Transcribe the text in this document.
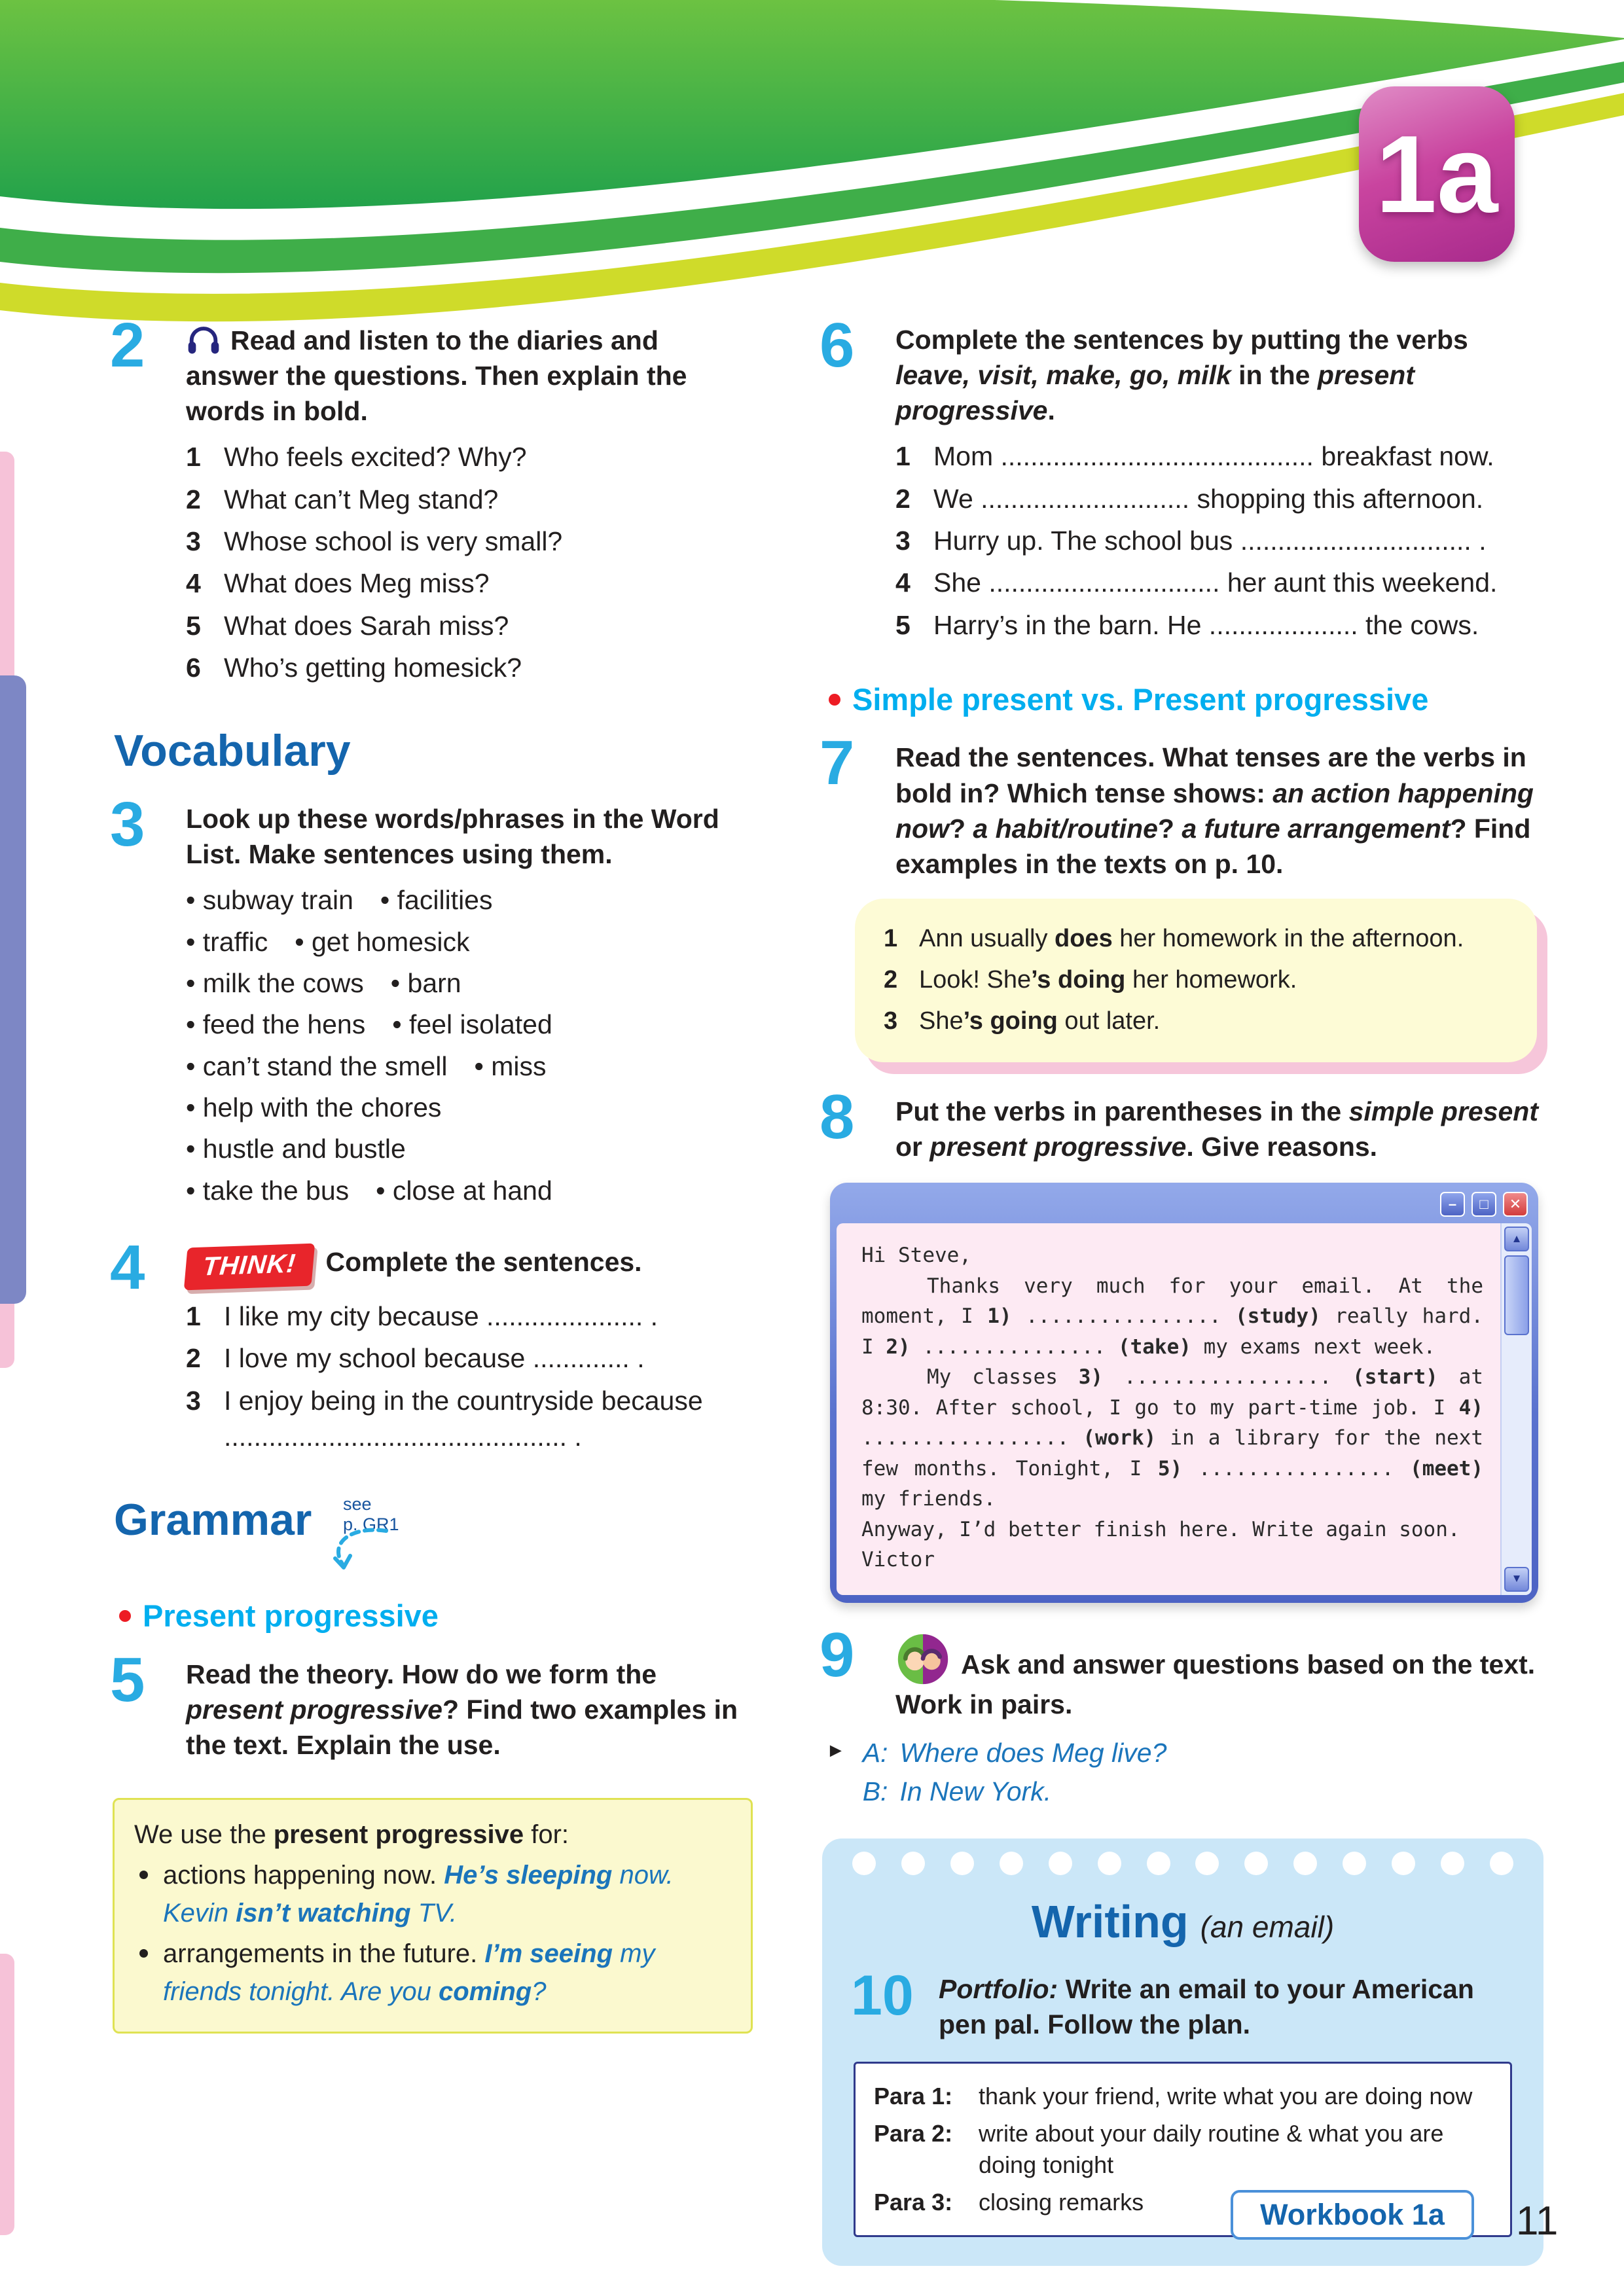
1a
2	Read and listen to the diaries and answer the questions. Then explain the words in bold.

1 Who feels excited? Why?
2 What can’t Meg stand?
3 Whose school is very small?
4 What does Meg miss?
5 What does Sarah miss?
6 Who’s getting homesick?
Vocabulary
3 Look up these words/phrases in the Word List. Make sentences using them.

• subway train • facilities
• traffic • get homesick
• milk the cows • barn
• feed the hens • feel isolated
• can’t stand the smell • miss
• help with the chores
• hustle and bustle
• take the bus • close at hand
4	THINK! Complete the sentences.

1 I like my city because ..................... .
2 I love my school because ............. .
3 I enjoy being in the countryside because .............................................. .
Grammar see
p. GR1
Present progressive
5 Read the theory. How do we form the present progressive? Find two examples in the text. Explain the use.

We use the present progressive for:
actions happening now. He’s sleeping now. Kevin isn’t watching TV.
arrangements in the future. I’m seeing my friends tonight. Are you coming?
6 Complete the sentences by putting the verbs leave, visit, make, go, milk in the present progressive.

1 Mom .......................................... breakfast now.
2 We ............................ shopping this afternoon.
3 Hurry up. The school bus ............................... .
4 She ............................... her aunt this weekend.
5 Harry’s in the barn. He .................... the cows.
Simple present vs. Present progressive
7 Read the sentences. What tenses are the verbs in bold in? Which tense shows: an action happening now? a habit/routine? a future arrangement? Find examples in the texts on p. 10.

1 Ann usually does her homework in the afternoon.
2 Look! She’s doing her homework.
3 She’s going out later.
8 Put the verbs in parentheses in the simple present or present progressive. Give reasons.

–	□	✕

Hi Steve,

Thanks very much for your email. At the moment, I 1) ................ (study) really hard. I 2) ............... (take) my exams next week.

My classes 3) ................. (start) at 8:30. After school, I go to my part-time job. I 4) ................. (work) in a library for the next few months. Tonight, I 5) ................ (meet) my friends.

Anyway, I’d better finish here. Write again soon.

Victor

▲
▼
9	Ask and answer questions based on the text. Work in pairs.

► A: Where does Meg live?
B: In New York.
Writing (an email)
10 Portfolio: Write an email to your American pen pal. Follow the plan.

Para 1:	thank your friend, write what you are doing now
Para 2:	write about your daily routine & what you are doing tonight
Para 3:	closing remarks	Workbook 1a	11
